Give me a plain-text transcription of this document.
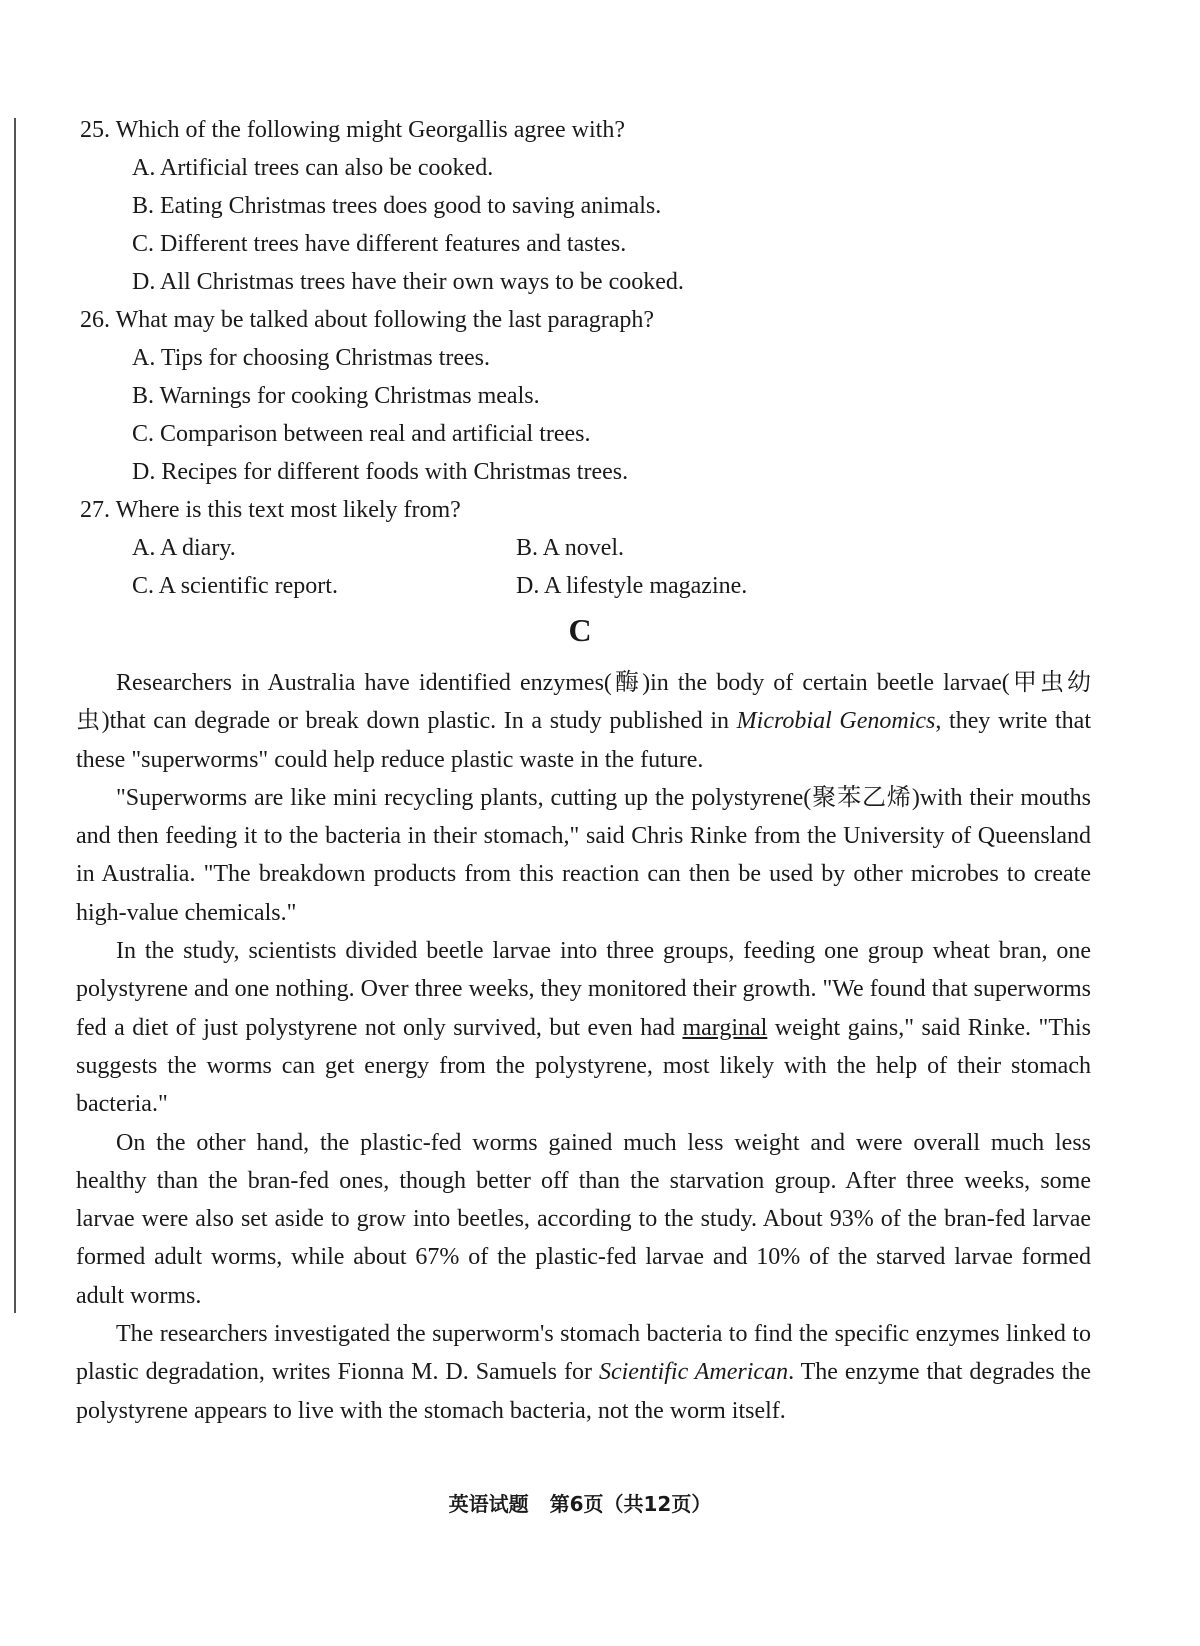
25. Which of the following might Georgallis agree with?
A. Artificial trees can also be cooked.
B. Eating Christmas trees does good to saving animals.
C. Different trees have different features and tastes.
D. All Christmas trees have their own ways to be cooked.
26. What may be talked about following the last paragraph?
A. Tips for choosing Christmas trees.
B. Warnings for cooking Christmas meals.
C. Comparison between real and artificial trees.
D. Recipes for different foods with Christmas trees.
27. Where is this text most likely from?
A. A diary.	B. A novel.
C. A scientific report.	D. A lifestyle magazine.
C

Researchers in Australia have identified enzymes(酶)in the body of certain beetle larvae(甲虫幼虫)that can degrade or break down plastic. In a study published in Microbial Genomics, they write that these "superworms" could help reduce plastic waste in the future.

"Superworms are like mini recycling plants, cutting up the polystyrene(聚苯乙烯)with their mouths and then feeding it to the bacteria in their stomach," said Chris Rinke from the University of Queensland in Australia. "The breakdown products from this reaction can then be used by other microbes to create high-value chemicals."

In the study, scientists divided beetle larvae into three groups, feeding one group wheat bran, one polystyrene and one nothing. Over three weeks, they monitored their growth. "We found that superworms fed a diet of just polystyrene not only survived, but even had marginal weight gains," said Rinke. "This suggests the worms can get energy from the polystyrene, most likely with the help of their stomach bacteria."

On the other hand, the plastic-fed worms gained much less weight and were overall much less healthy than the bran-fed ones, though better off than the starvation group. After three weeks, some larvae were also set aside to grow into beetles, according to the study. About 93% of the bran-fed larvae formed adult worms, while about 67% of the plastic-fed larvae and 10% of the starved larvae formed adult worms.

The researchers investigated the superworm's stomach bacteria to find the specific enzymes linked to plastic degradation, writes Fionna M. D. Samuels for Scientific American. The enzyme that degrades the polystyrene appears to live with the stomach bacteria, not the worm itself.

英语试题 第6页（共12页）
